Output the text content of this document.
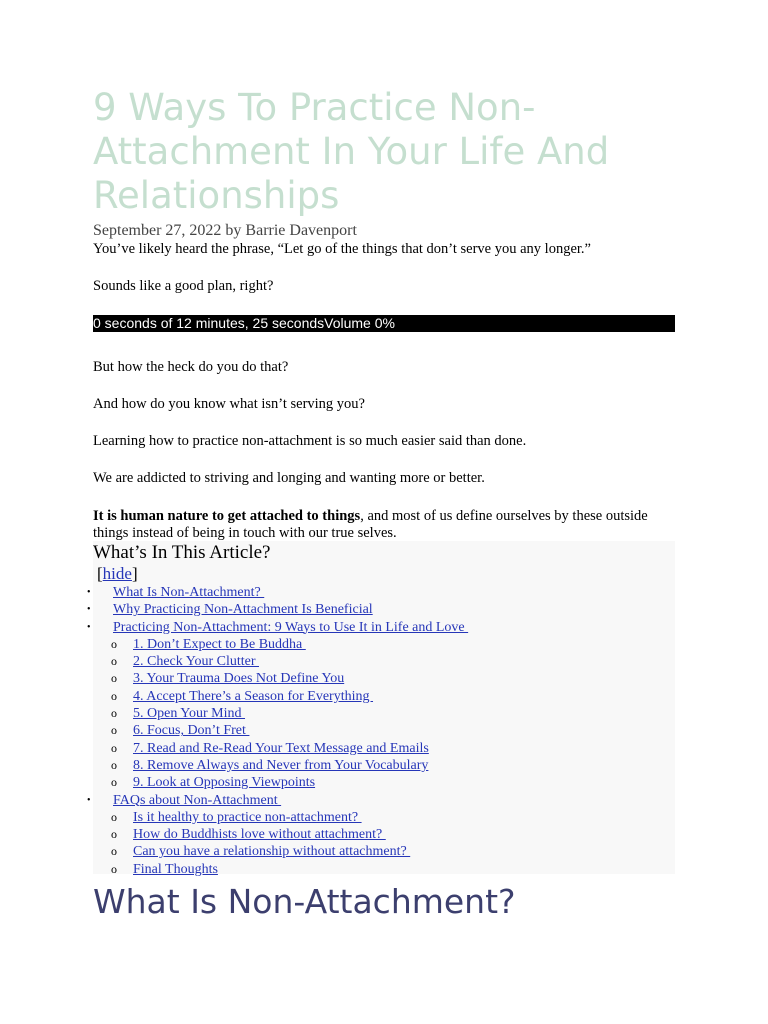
9 Ways To Practice Non-Attachment In Your Life And Relationships
September 27, 2022 by Barrie Davenport

You’ve likely heard the phrase, “Let go of the things that don’t serve you any longer.”

Sounds like a good plan, right?

0 seconds of 12 minutes, 25 secondsVolume 0%

But how the heck do you do that?

And how do you know what isn’t serving you?

Learning how to practice non-attachment is so much easier said than done.

We are addicted to striving and longing and wanting more or better.

It is human nature to get attached to things, and most of us define ourselves by these outside things instead of being in touch with our true selves.

What’s In This Article?
[hide]
• What Is Non-Attachment?
• Why Practicing Non-Attachment Is Beneficial
• Practicing Non-Attachment: 9 Ways to Use It in Life and Love
o 1. Don’t Expect to Be Buddha
o 2. Check Your Clutter
o 3. Your Trauma Does Not Define You
o 4. Accept There’s a Season for Everything
o 5. Open Your Mind
o 6. Focus, Don’t Fret
o 7. Read and Re-Read Your Text Message and Emails
o 8. Remove Always and Never from Your Vocabulary
o 9. Look at Opposing Viewpoints
• FAQs about Non-Attachment
o Is it healthy to practice non-attachment?
o How do Buddhists love without attachment?
o Can you have a relationship without attachment?
o Final Thoughts
What Is Non-Attachment?
